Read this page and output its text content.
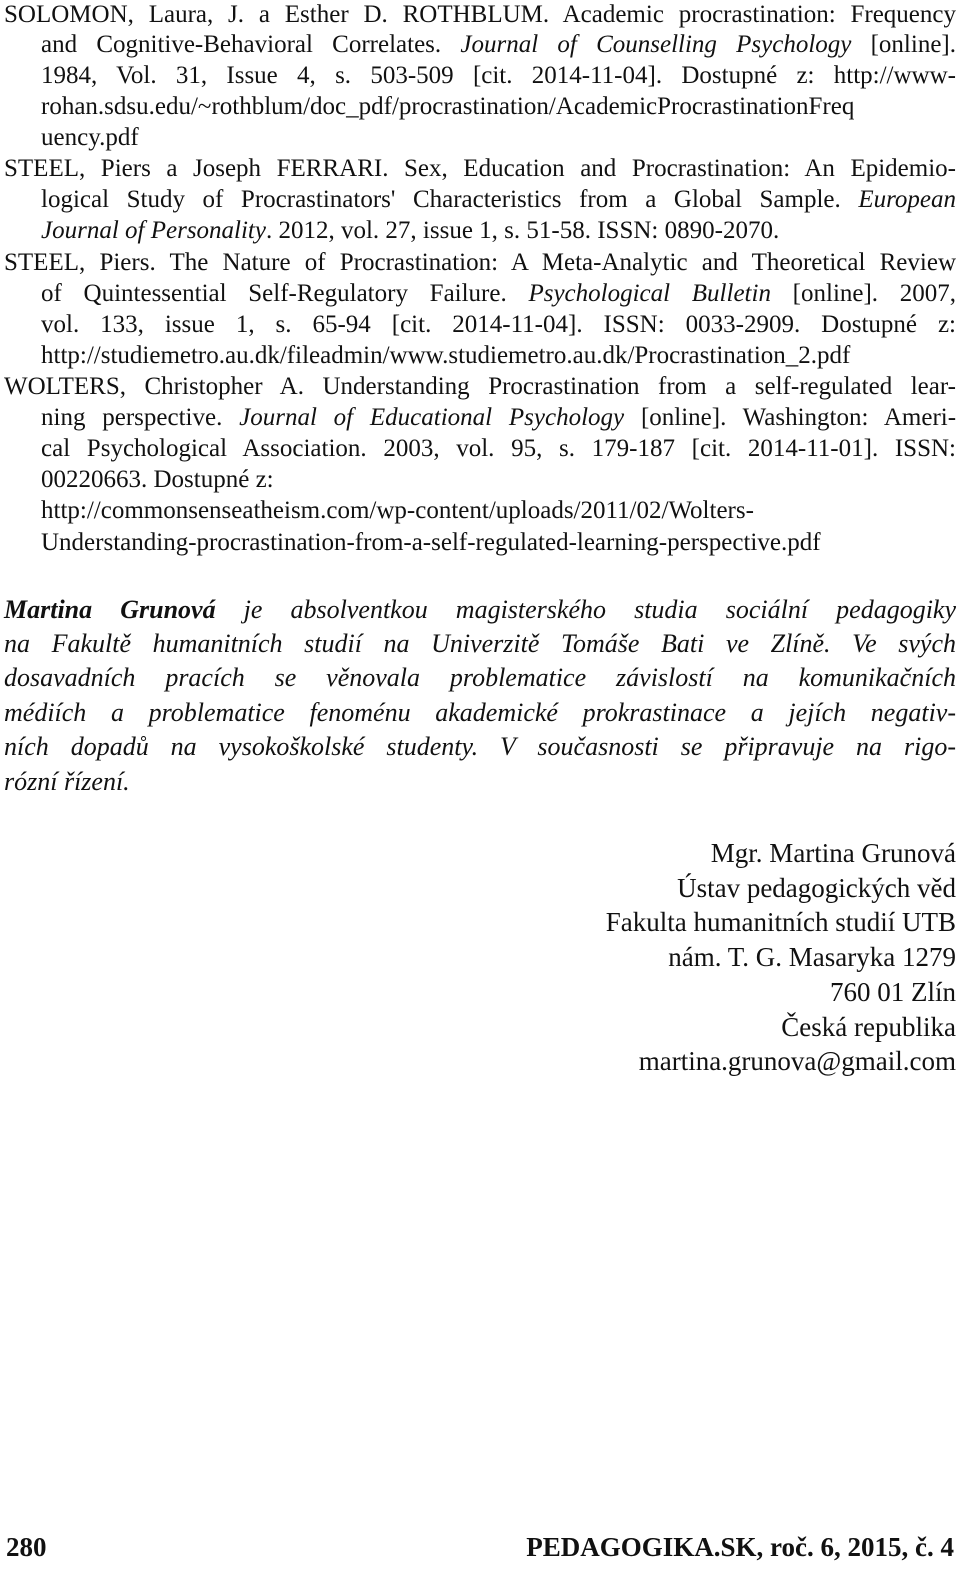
SOLOMON, Laura, J. a Esther D. ROTHBLUM. Academic procrastination: Frequency
and Cognitive-Behavioral Correlates. Journal of Counselling Psychology [online].
1984, Vol. 31, Issue 4, s. 503-509 [cit. 2014-11-04]. Dostupné z: http://www-
rohan.sdsu.edu/~rothblum/doc_pdf/procrastination/AcademicProcrastinationFreq
uency.pdf
STEEL, Piers a Joseph FERRARI. Sex, Education and Procrastination: An Epidemio-
logical Study of Procrastinators' Characteristics from a Global Sample. European
Journal of Personality. 2012, vol. 27, issue 1, s. 51-58. ISSN: 0890-2070.
STEEL, Piers. The Nature of Procrastination: A Meta-Analytic and Theoretical Review
of Quintessential Self-Regulatory Failure. Psychological Bulletin [online]. 2007,
vol. 133, issue 1, s. 65-94 [cit. 2014-11-04]. ISSN: 0033-2909. Dostupné z:
http://studiemetro.au.dk/fileadmin/www.studiemetro.au.dk/Procrastination_2.pdf
WOLTERS, Christopher A. Understanding Procrastination from a self-regulated lear-
ning perspective. Journal of Educational Psychology [online]. Washington: Ameri-
cal Psychological Association. 2003, vol. 95, s. 179-187 [cit. 2014-11-01]. ISSN:
00220663. Dostupné z:
http://commonsenseatheism.com/wp-content/uploads/2011/02/Wolters-
Understanding-procrastination-from-a-self-regulated-learning-perspective.pdf
Martina Grunová je absolventkou magisterského studia sociální pedagogiky
na Fakultě humanitních studií na Univerzitě Tomáše Bati ve Zlíně. Ve svých
dosavadních pracích se věnovala problematice závislostí na komunikačních
médiích a problematice fenoménu akademické prokrastinace a jejích negativ-
ních dopadů na vysokoškolské studenty. V současnosti se připravuje na rigo-
rózní řízení.
Mgr. Martina Grunová
Ústav pedagogických věd
Fakulta humanitních studií UTB
nám. T. G. Masaryka 1279
760 01 Zlín
Česká republika
martina.grunova@gmail.com
280	PEDAGOGIKA.SK, roč. 6, 2015, č. 4
